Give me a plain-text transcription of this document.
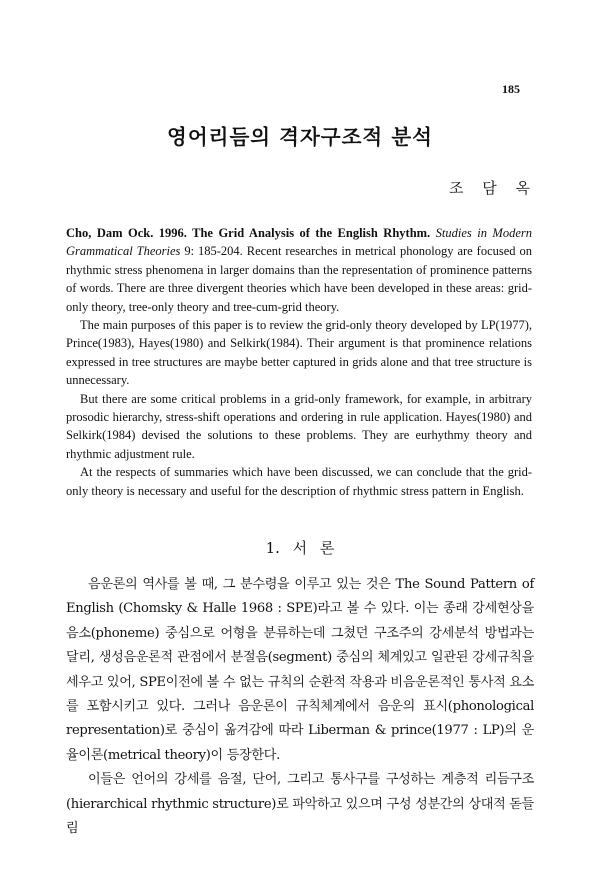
185
영어리듬의 격자구조적 분석
조 담 옥

Cho, Dam Ock. 1996. The Grid Analysis of the English Rhythm. Studies in Modern Grammatical Theories 9: 185-204. Recent researches in metrical phonology are focused on rhythmic stress phenomena in larger domains than the representation of prominence patterns of words. There are three divergent theories which have been developed in these areas: grid-only theory, tree-only theory and tree-cum-grid theory.

The main purposes of this paper is to review the grid-only theory developed by LP(1977), Prince(1983), Hayes(1980) and Selkirk(1984). Their argument is that prominence relations expressed in tree structures are maybe better captured in grids alone and that tree structure is unnecessary.

But there are some critical problems in a grid-only framework, for example, in arbitrary prosodic hierarchy, stress-shift operations and ordering in rule application. Hayes(1980) and Selkirk(1984) devised the solutions to these problems. They are eurhythmy theory and rhythmic adjustment rule.

At the respects of summaries which have been discussed, we can conclude that the grid-only theory is necessary and useful for the description of rhythmic stress pattern in English.

1. 서 론

음운론의 역사를 볼 때, 그 분수령을 이루고 있는 것은 The Sound Pattern of English (Chomsky & Halle 1968 : SPE)라고 볼 수 있다. 이는 종래 강세현상을 음소(phoneme) 중심으로 어형을 분류하는데 그쳤던 구조주의 강세분석 방법과는 달리, 생성음운론적 관점에서 분절음(segment) 중심의 체계있고 일관된 강세규칙을 세우고 있어, SPE이전에 볼 수 없는 규칙의 순환적 작용과 비음운론적인 통사적 요소를 포함시키고 있다. 그러나 음운론이 규칙체계에서 음운의 표시(phonological representation)로 중심이 옮겨감에 따라 Liberman & prince(1977 : LP)의 운율이론(metrical theory)이 등장한다.

이들은 언어의 강세를 음절, 단어, 그리고 통사구를 구성하는 계층적 리듬구조(hierarchical rhythmic structure)로 파악하고 있으며 구성 성분간의 상대적 돋들림
